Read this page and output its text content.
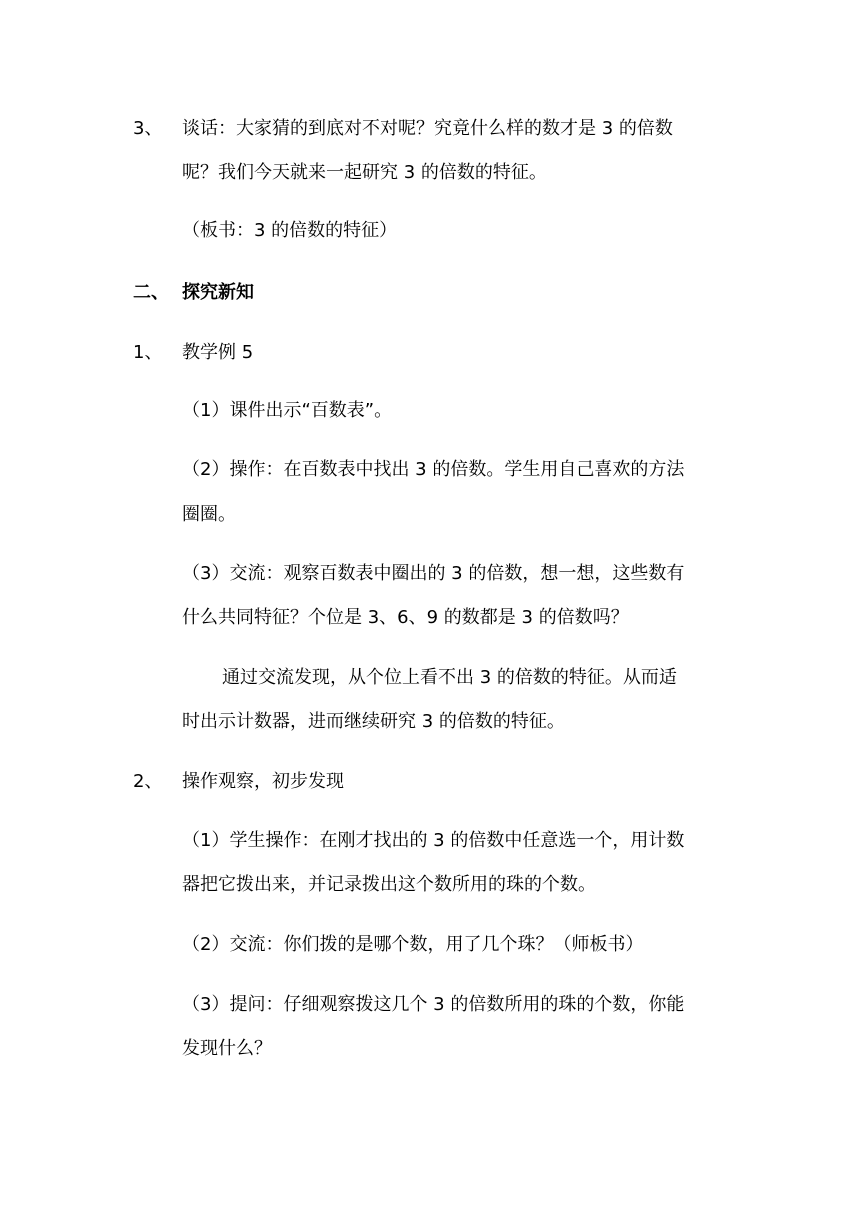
3、 谈话：大家猜的到底对不对呢？究竟什么样的数才是 3 的倍数
呢？我们今天就来一起研究 3 的倍数的特征。
（板书：3 的倍数的特征）
二、 探究新知
1、 教学例 5
（1）课件出示“百数表”。
（2）操作：在百数表中找出 3 的倍数。学生用自己喜欢的方法
圈圈。
（3）交流：观察百数表中圈出的 3 的倍数，想一想，这些数有
什么共同特征？个位是 3、6、9 的数都是 3 的倍数吗？
通过交流发现，从个位上看不出 3 的倍数的特征。从而适
时出示计数器，进而继续研究 3 的倍数的特征。
2、 操作观察，初步发现
（1）学生操作：在刚才找出的 3 的倍数中任意选一个，用计数
器把它拨出来，并记录拨出这个数所用的珠的个数。
（2）交流：你们拨的是哪个数，用了几个珠？（师板书）
（3）提问：仔细观察拨这几个 3 的倍数所用的珠的个数，你能
发现什么？
